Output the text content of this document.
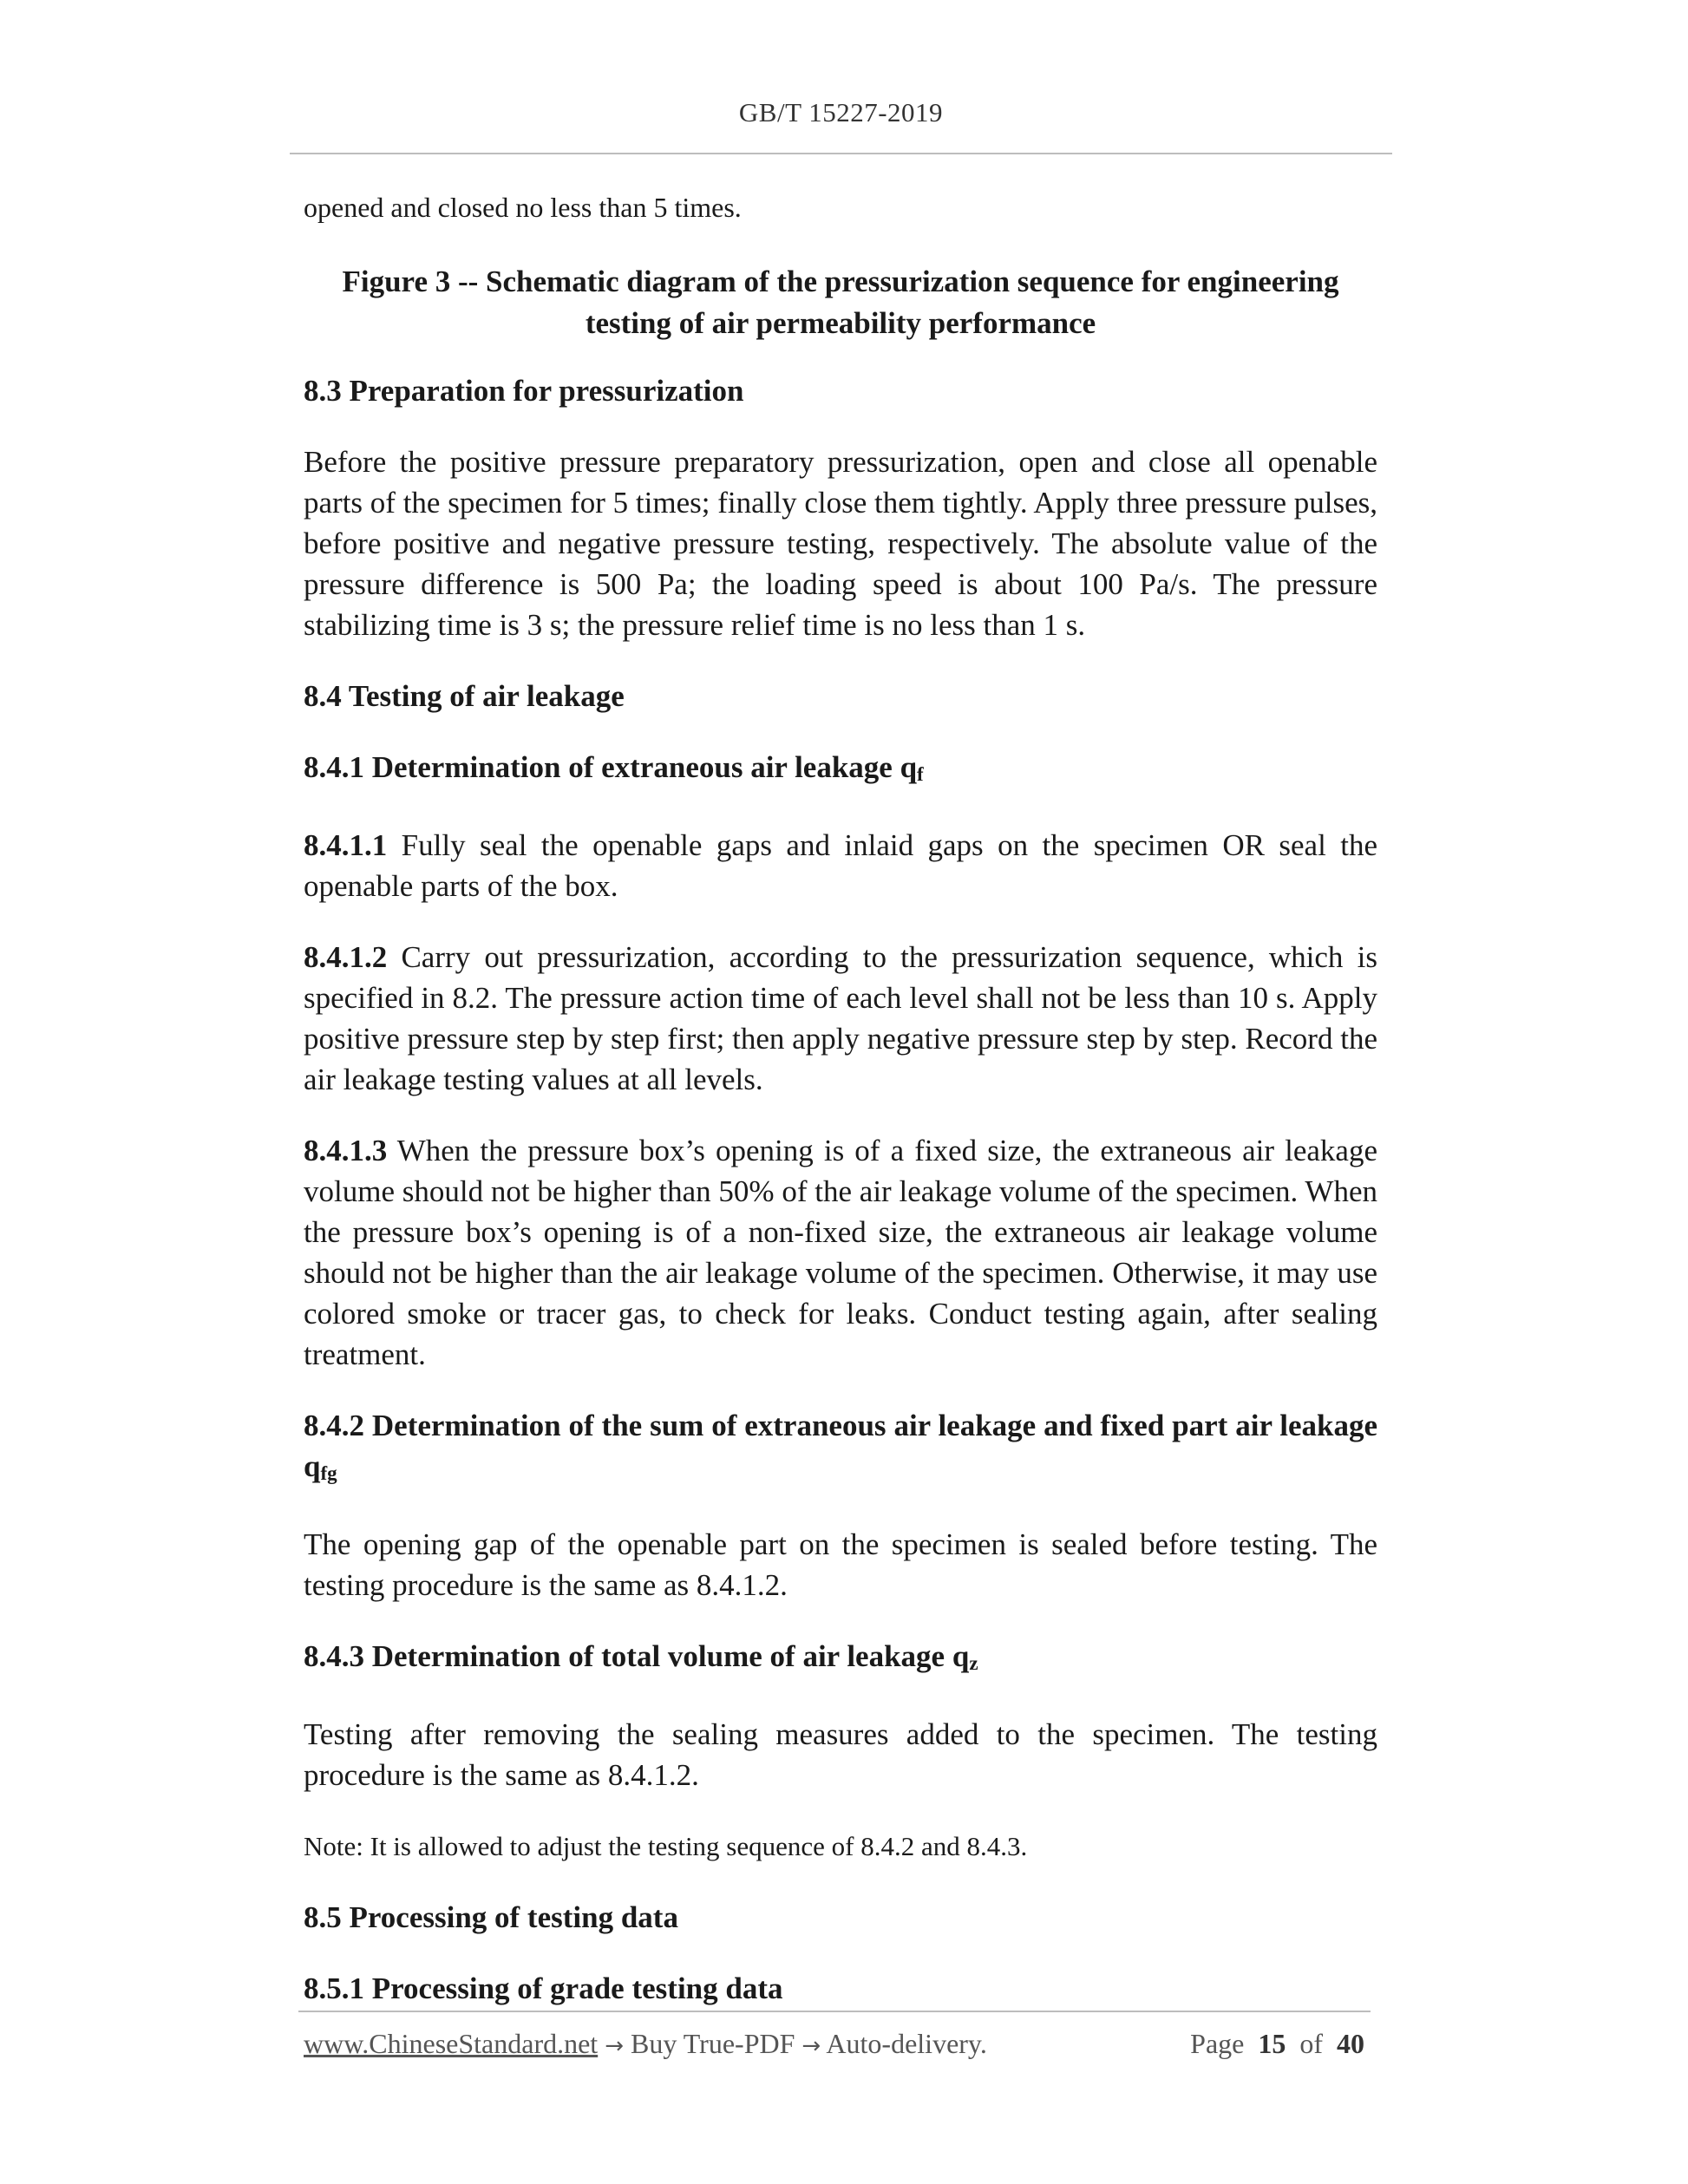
GB/T 15227-2019

opened and closed no less than 5 times.

Figure 3 -- Schematic diagram of the pressurization sequence for engineering
testing of air permeability performance

8.3 Preparation for pressurization

Before the positive pressure preparatory pressurization, open and close all openable parts of the specimen for 5 times; finally close them tightly. Apply three pressure pulses, before positive and negative pressure testing, respectively. The absolute value of the pressure difference is 500 Pa; the loading speed is about 100 Pa/s. The pressure stabilizing time is 3 s; the pressure relief time is no less than 1 s.

8.4 Testing of air leakage

8.4.1 Determination of extraneous air leakage qf

8.4.1.1 Fully seal the openable gaps and inlaid gaps on the specimen OR seal the openable parts of the box.

8.4.1.2 Carry out pressurization, according to the pressurization sequence, which is specified in 8.2. The pressure action time of each level shall not be less than 10 s. Apply positive pressure step by step first; then apply negative pressure step by step. Record the air leakage testing values at all levels.

8.4.1.3 When the pressure box’s opening is of a fixed size, the extraneous air leakage volume should not be higher than 50% of the air leakage volume of the specimen. When the pressure box’s opening is of a non-fixed size, the extraneous air leakage volume should not be higher than the air leakage volume of the specimen. Otherwise, it may use colored smoke or tracer gas, to check for leaks. Conduct testing again, after sealing treatment.

8.4.2 Determination of the sum of extraneous air leakage and fixed part air leakage qfg

The opening gap of the openable part on the specimen is sealed before testing. The testing procedure is the same as 8.4.1.2.

8.4.3 Determination of total volume of air leakage qz

Testing after removing the sealing measures added to the specimen. The testing procedure is the same as 8.4.1.2.

Note: It is allowed to adjust the testing sequence of 8.4.2 and 8.4.3.

8.5 Processing of testing data

8.5.1 Processing of grade testing data

www.ChineseStandard.net → Buy True-PDF → Auto-delivery.	Page 15 of 40
